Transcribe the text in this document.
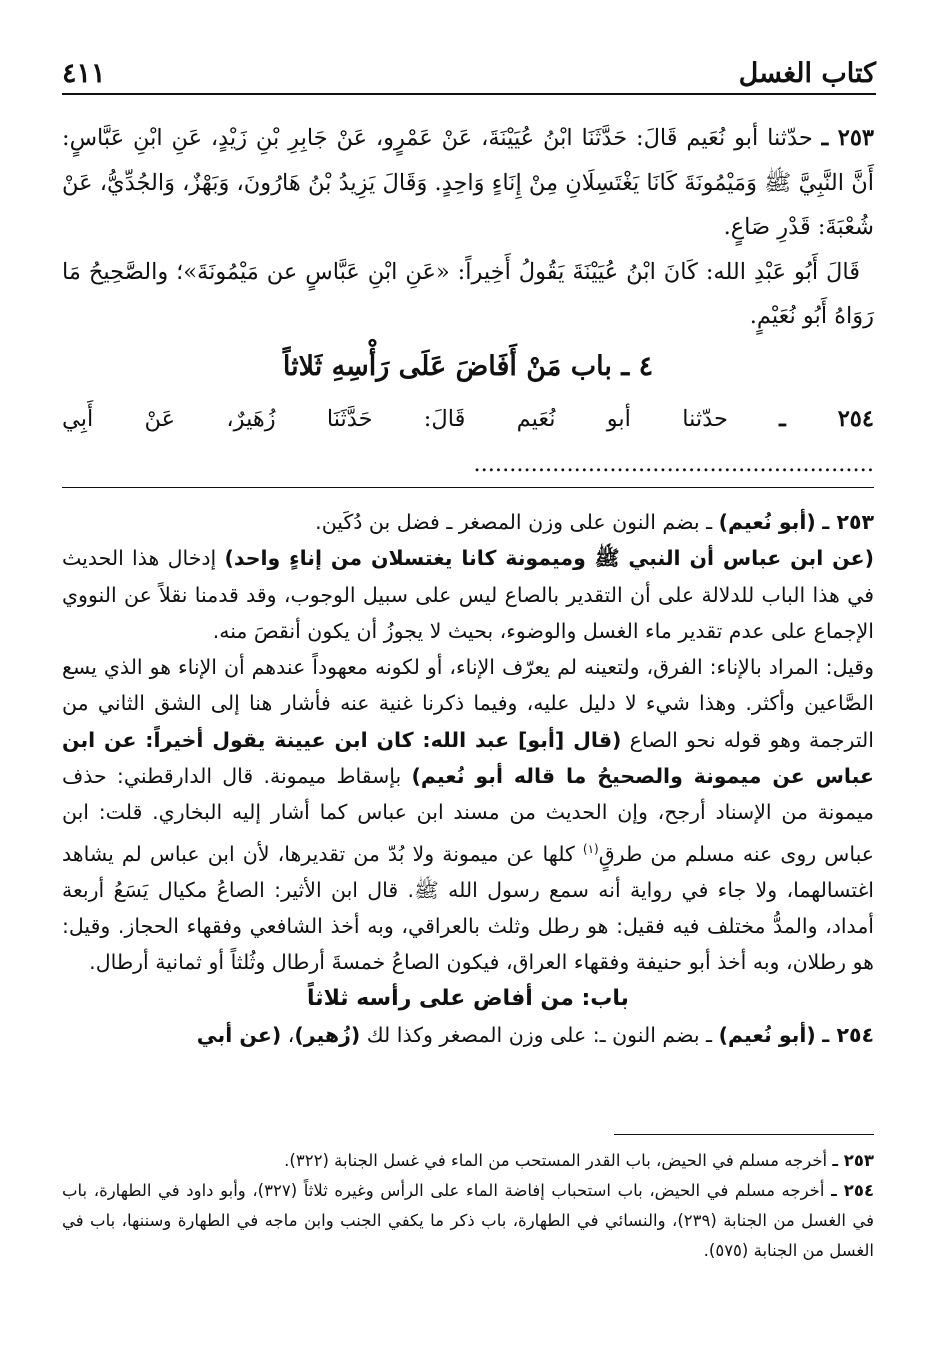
كتاب الغسل
٤١١

٢٥٣ ـ حدّثنا أبو نُعَيم قَالَ: حَدَّثَنَا ابْنُ عُيَيْنَةَ، عَنْ عَمْرٍو، عَنْ جَابِرِ بْنِ زَيْدٍ، عَنِ ابْنِ عَبَّاسٍ: أَنَّ النَّبِيَّ ﷺ وَمَيْمُونَةَ كَانَا يَغْتَسِلَانِ مِنْ إِنَاءٍ وَاحِدٍ. وَقَالَ يَزِيدُ بْنُ هَارُونَ، وَبَهْزٌ، وَالجُدِّيُّ، عَنْ شُعْبَةَ: قَدْرِ صَاعٍ.

قَالَ أَبُو عَبْدِ الله: كَانَ ابْنُ عُيَيْنَةَ يَقُولُ أَخِيراً: «عَنِ ابْنِ عَبَّاسٍ عن مَيْمُونَةَ»؛ والصَّحِيحُ مَا رَوَاهُ أَبُو نُعَيْمٍ.

٤ ـ باب مَنْ أَفَاضَ عَلَى رَأْسِهِ ثَلاثاً

٢٥٤ ـ حدّثنا أبو نُعَيم قَالَ: حَدَّثَنَا زُهَيرٌ، عَنْ أَبِي ........................................................

٢٥٣ ـ (أبو نُعيم) ـ بضم النون على وزن المصغر ـ فضل بن دُكَين.

(عن ابن عباس أن النبي ﷺ وميمونة كانا يغتسلان من إناءٍ واحد) إدخال هذا الحديث في هذا الباب للدلالة على أن التقدير بالصاع ليس على سبيل الوجوب، وقد قدمنا نقلاً عن النووي الإجماع على عدم تقدير ماء الغسل والوضوء، بحيث لا يجوزُ أن يكون أنقصَ منه.

وقيل: المراد بالإناء: الفرق، ولتعينه لم يعرّف الإناء، أو لكونه معهوداً عندهم أن الإناء هو الذي يسع الصَّاعين وأكثر. وهذا شيء لا دليل عليه، وفيما ذكرنا غنية عنه فأشار هنا إلى الشق الثاني من الترجمة وهو قوله نحو الصاع (قال [أبو] عبد الله: كان ابن عيينة يقول أخيراً: عن ابن عباس عن ميمونة والصحيحُ ما قاله أبو نُعيم) بإسقاط ميمونة. قال الدارقطني: حذف ميمونة من الإسناد أرجح، وإن الحديث من مسند ابن عباس كما أشار إليه البخاري. قلت: ابن عباس روى عنه مسلم من طرقٍ$^{(١)}$ كلها عن ميمونة ولا بُدّ من تقديرها، لأن ابن عباس لم يشاهد اغتسالهما، ولا جاء في رواية أنه سمع رسول الله ﷺ. قال ابن الأثير: الصاعُ مكيال يَسَعُ أربعة أمداد، والمدُّ مختلف فيه فقيل: هو رطل وثلث بالعراقي، وبه أخذ الشافعي وفقهاء الحجاز. وقيل: هو رطلان، وبه أخذ أبو حنيفة وفقهاء العراق، فيكون الصاعُ خمسةَ أرطال وثُلثاً أو ثمانية أرطال.

باب: من أفاض على رأسه ثلاثاً

٢٥٤ ـ (أبو نُعيم) ـ بضم النون ـ: على وزن المصغر وكذا لك (زُهير)، (عن أبي

٢٥٣ ـ أخرجه مسلم في الحيض، باب القدر المستحب من الماء في غسل الجنابة (٣٢٢).

٢٥٤ ـ أخرجه مسلم في الحيض، باب استحباب إفاضة الماء على الرأس وغيره ثلاثاً (٣٢٧)، وأبو داود في الطهارة، باب في الغسل من الجنابة (٢٣٩)، والنسائي في الطهارة، باب ذكر ما يكفي الجنب وابن ماجه في الطهارة وسننها، باب في الغسل من الجنابة (٥٧٥).
